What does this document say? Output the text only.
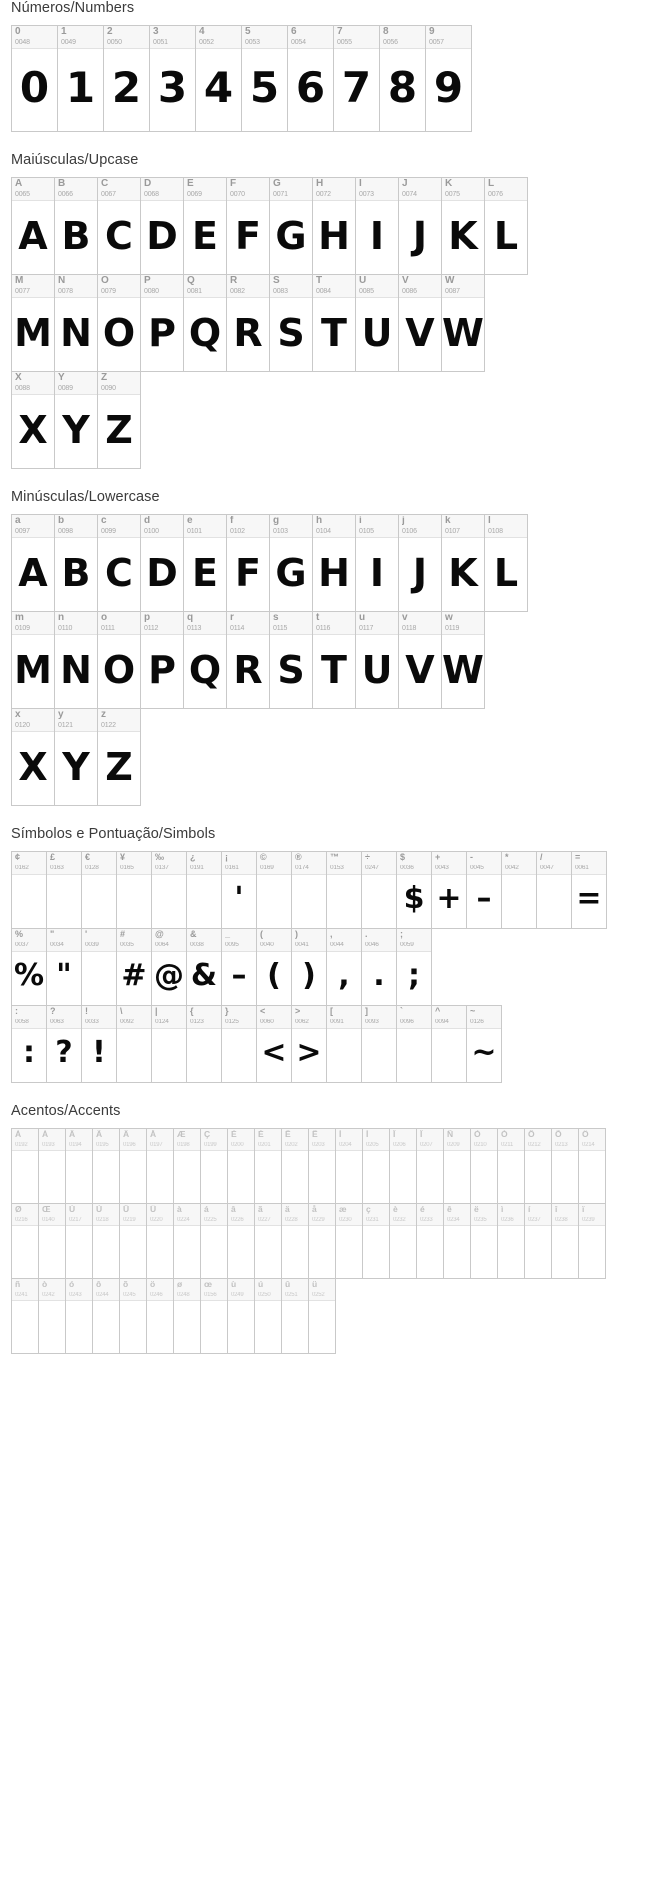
Números/Numbers
0
0048
0
1
0049
1
2
0050
2
3
0051
3
4
0052
4
5
0053
5
6
0054
6
7
0055
7
8
0056
8
9
0057
9
Maiúsculas/Upcase
A
0065
A
B
0066
B
C
0067
C
D
0068
D
E
0069
E
F
0070
F
G
0071
G
H
0072
H
I
0073
I
J
0074
J
K
0075
K
L
0076
L
M
0077
M
N
0078
N
O
0079
O
P
0080
P
Q
0081
Q
R
0082
R
S
0083
S
T
0084
T
U
0085
U
V
0086
V
W
0087
W
X
0088
X
Y
0089
Y
Z
0090
Z
Minúsculas/Lowercase
a
0097
A
b
0098
B
c
0099
C
d
0100
D
e
0101
E
f
0102
F
g
0103
G
h
0104
H
i
0105
I
j
0106
J
k
0107
K
l
0108
L
m
0109
M
n
0110
N
o
0111
O
p
0112
P
q
0113
Q
r
0114
R
s
0115
S
t
0116
T
u
0117
U
v
0118
V
w
0119
W
x
0120
X
y
0121
Y
z
0122
Z
Símbolos e Pontuação/Simbols
¢
0162
£
0163
€
0128
¥
0165
‰
0137
¿
0191
¡
0161
'
©
0169
®
0174
™
0153
÷
0247
$
0036
$
+
0043
+
-
0045
–
*
0042
/
0047
=
0061
=
%
0037
%
"
0034
"
'
0039
#
0035
#
@
0064
@
&
0038
&
_
0095
–
(
0040
(
)
0041
)
,
0044
,
.
0046
.
;
0059
;
:
0058
:
?
0063
?
!
0033
!
\
0092
|
0124
{
0123
}
0125
<
0060
<
>
0062
>
[
0091
]
0093
`
0096
^
0094
~
0126
~
Acentos/Accents
À
0192
Á
0193
Â
0194
Ã
0195
Ä
0196
Å
0197
Æ
0198
Ç
0199
È
0200
É
0201
Ê
0202
Ë
0203
Ì
0204
Í
0205
Î
0206
Ï
0207
Ñ
0209
Ò
0210
Ó
0211
Ô
0212
Õ
0213
Ö
0214
Ø
0216
Œ
0140
Ù
0217
Ú
0218
Û
0219
Ü
0220
à
0224
á
0225
â
0226
ã
0227
ä
0228
å
0229
æ
0230
ç
0231
è
0232
é
0233
ê
0234
ë
0235
ì
0236
í
0237
î
0238
ï
0239
ñ
0241
ò
0242
ó
0243
ô
0244
õ
0245
ö
0246
ø
0248
œ
0156
ù
0249
ú
0250
û
0251
ü
0252
